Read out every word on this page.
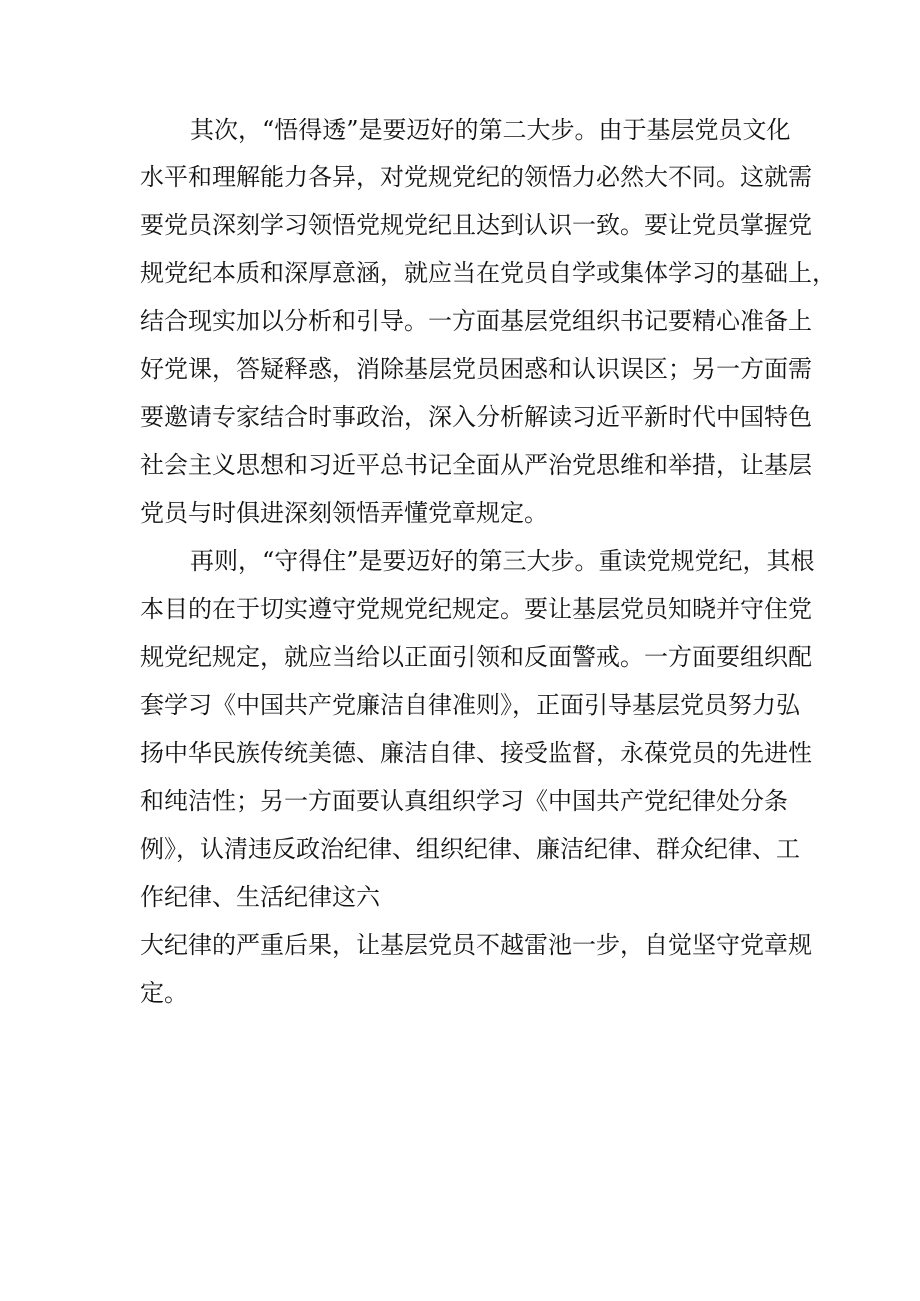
其次，“悟得透”是要迈好的第二大步。由于基层党员文化
水平和理解能力各异，对党规党纪的领悟力必然大不同。这就需
要党员深刻学习领悟党规党纪且达到认识一致。要让党员掌握党
规党纪本质和深厚意涵，就应当在党员自学或集体学习的基础上，
结合现实加以分析和引导。一方面基层党组织书记要精心准备上
好党课，答疑释惑，消除基层党员困惑和认识误区；另一方面需
要邀请专家结合时事政治，深入分析解读习近平新时代中国特色
社会主义思想和习近平总书记全面从严治党思维和举措，让基层
党员与时俱进深刻领悟弄懂党章规定。
再则，“守得住”是要迈好的第三大步。重读党规党纪，其根
本目的在于切实遵守党规党纪规定。要让基层党员知晓并守住党
规党纪规定，就应当给以正面引领和反面警戒。一方面要组织配
套学习《中国共产党廉洁自律准则》，正面引导基层党员努力弘
扬中华民族传统美德、廉洁自律、接受监督，永葆党员的先进性
和纯洁性；另一方面要认真组织学习《中国共产党纪律处分条
例》，认清违反政治纪律、组织纪律、廉洁纪律、群众纪律、工
作纪律、生活纪律这六
大纪律的严重后果，让基层党员不越雷池一步，自觉坚守党章规
定。
